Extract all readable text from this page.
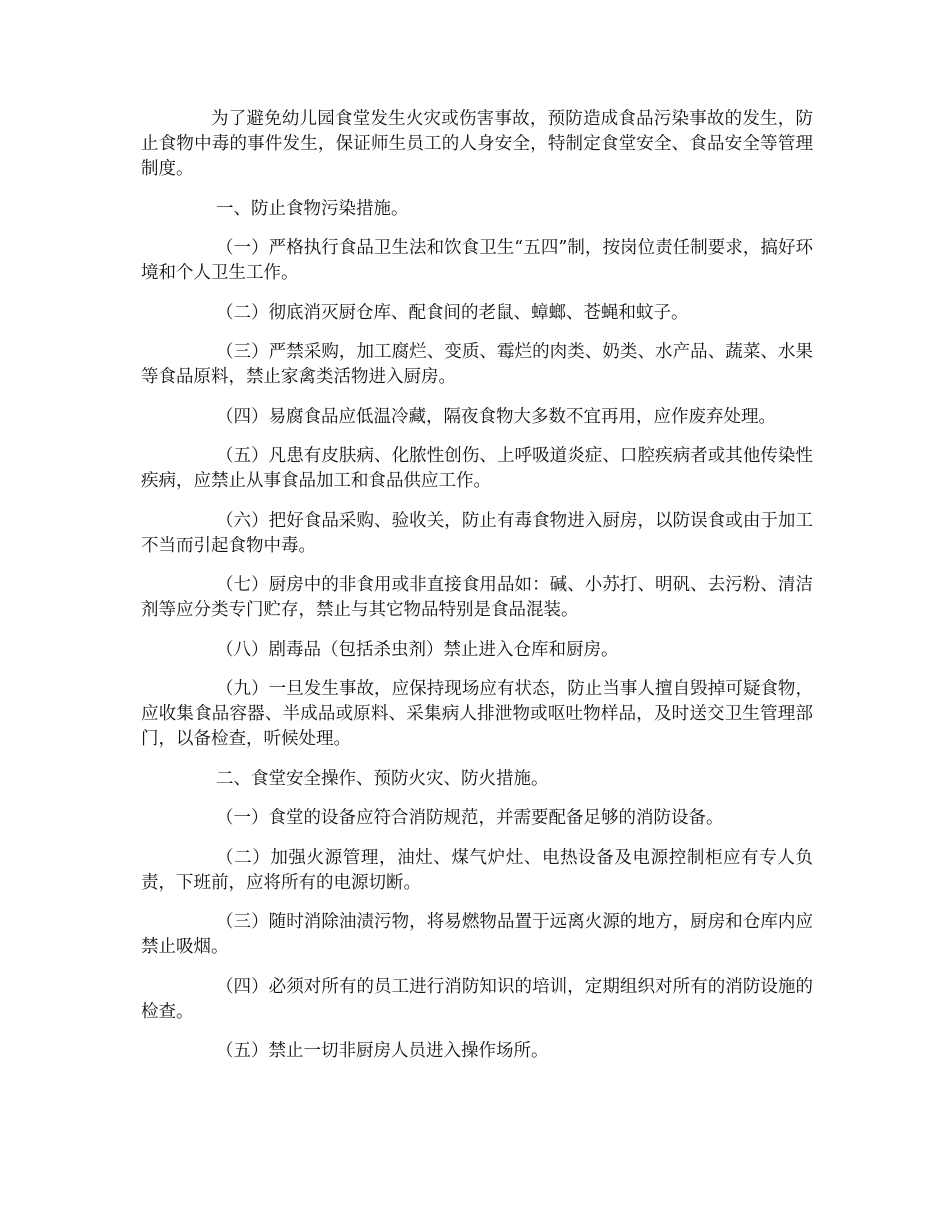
为了避免幼儿园食堂发生火灾或伤害事故，预防造成食品污染事故的发生，防止食物中毒的事件发生，保证师生员工的人身安全，特制定食堂安全、食品安全等管理制度。

一、防止食物污染措施。

（一）严格执行食品卫生法和饮食卫生“五四”制，按岗位责任制要求，搞好环境和个人卫生工作。

（二）彻底消灭厨仓库、配食间的老鼠、蟑螂、苍蝇和蚊子。

（三）严禁采购，加工腐烂、变质、霉烂的肉类、奶类、水产品、蔬菜、水果等食品原料，禁止家禽类活物进入厨房。

（四）易腐食品应低温冷藏，隔夜食物大多数不宜再用，应作废弃处理。

（五）凡患有皮肤病、化脓性创伤、上呼吸道炎症、口腔疾病者或其他传染性疾病，应禁止从事食品加工和食品供应工作。

（六）把好食品采购、验收关，防止有毒食物进入厨房，以防误食或由于加工不当而引起食物中毒。

（七）厨房中的非食用或非直接食用品如：碱、小苏打、明矾、去污粉、清洁剂等应分类专门贮存，禁止与其它物品特别是食品混装。

（八）剧毒品（包括杀虫剂）禁止进入仓库和厨房。

（九）一旦发生事故，应保持现场应有状态，防止当事人擅自毁掉可疑食物，应收集食品容器、半成品或原料、采集病人排泄物或呕吐物样品，及时送交卫生管理部门，以备检查，听候处理。

二、食堂安全操作、预防火灾、防火措施。

（一）食堂的设备应符合消防规范，并需要配备足够的消防设备。

（二）加强火源管理，油灶、煤气炉灶、电热设备及电源控制柜应有专人负责，下班前，应将所有的电源切断。

（三）随时消除油渍污物，将易燃物品置于远离火源的地方，厨房和仓库内应禁止吸烟。

（四）必须对所有的员工进行消防知识的培训，定期组织对所有的消防设施的检查。

（五）禁止一切非厨房人员进入操作场所。
